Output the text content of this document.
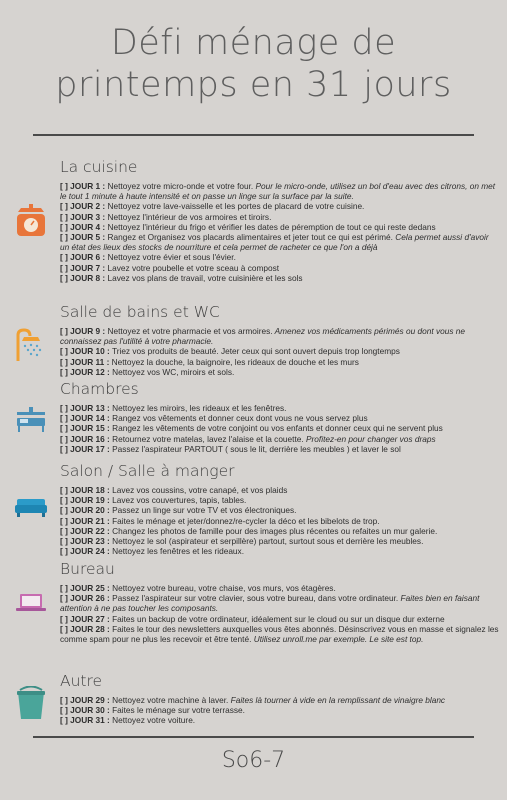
Défi ménage de
printemps en 31 jours
La cuisine
[ ] JOUR 1 : Nettoyez votre micro-onde et votre four. Pour le micro-onde, utilisez un bol d'eau avec des citrons, on met le tout 1 minute à haute intensité et on passe un linge sur la surface par la suite.
[ ] JOUR 2 : Nettoyez votre lave-vaisselle et les portes de placard de votre cuisine.
[ ] JOUR 3 : Nettoyez l'intérieur de vos armoires et tiroirs.
[ ] JOUR 4 : Nettoyez l'intérieur du frigo et vérifier les dates de péremption de tout ce qui reste dedans
[ ] JOUR 5 : Rangez et Organisez vos placards alimentaires et jeter tout ce qui est périmé. Cela permet aussi d'avoir un état des lieux des stocks de nourriture et cela permet de racheter ce que l'on a déjà
[ ] JOUR 6 : Nettoyez votre évier et sous l'évier.
[ ] JOUR 7 : Lavez votre poubelle et votre sceau à compost
[ ] JOUR 8 : Lavez vos plans de travail, votre cuisinière et les sols
Salle de bains et WC
[ ] JOUR 9 : Nettoyez et votre pharmacie et vos armoires. Amenez vos médicaments périmés ou dont vous ne connaissez pas l'utilité à votre pharmacie.
[ ] JOUR 10 : Triez vos produits de beauté. Jeter ceux qui sont ouvert depuis trop longtemps
[ ] JOUR 11 : Nettoyez la douche, la baignoire, les rideaux de douche et les murs
[ ] JOUR 12 : Nettoyez vos WC, miroirs et sols.
Chambres
[ ] JOUR 13 : Nettoyez les miroirs, les rideaux et les fenêtres.
[ ] JOUR 14 : Rangez vos vêtements et donner ceux dont vous ne vous servez plus
[ ] JOUR 15 : Rangez les vêtements de votre conjoint ou vos enfants et donner ceux qui ne servent plus
[ ] JOUR 16 : Retournez votre matelas, lavez l'alaise et la couette. Profitez-en pour changer vos draps
[ ] JOUR 17 : Passez l'aspirateur PARTOUT ( sous le lit, derrière les meubles ) et laver le sol
Salon / Salle à manger
[ ] JOUR 18 : Lavez vos coussins, votre canapé, et vos plaids
[ ] JOUR 19 : Lavez vos couvertures, tapis, tables.
[ ] JOUR 20 : Passez un linge sur votre TV et vos électroniques.
[ ] JOUR 21 : Faites le ménage et jeter/donnez/re-cycler la déco et les bibelots de trop.
[ ] JOUR 22 : Changez les photos de famille pour des images plus récentes ou refaites un mur galerie.
[ ] JOUR 23 : Nettoyez le sol (aspirateur et serpillère) partout, surtout sous et derrière les meubles.
[ ] JOUR 24 : Nettoyez les fenêtres et les rideaux.
Bureau
[ ] JOUR 25 : Nettoyez votre bureau, votre chaise, vos murs, vos étagères.
[ ] JOUR 26 : Passez l'aspirateur sur votre clavier, sous votre bureau, dans votre ordinateur. Faites bien en faisant attention à ne pas toucher les composants.
[ ] JOUR 27 : Faites un backup de votre ordinateur, idéalement sur le cloud ou sur un disque dur externe
[ ] JOUR 28 : Faites le tour des newsletters auxquelles vous êtes abonnés. Désinscrivez vous en masse et signalez les comme spam pour ne plus les recevoir et être tenté. Utilisez unroll.me par exemple. Le site est top.
Autre
[ ] JOUR 29 : Nettoyez votre machine à laver. Faites là tourner à vide en la remplissant de vinaigre blanc
[ ] JOUR 30 : Faites le ménage sur votre terrasse.
[ ] JOUR 31 : Nettoyez votre voiture.
So6-7
